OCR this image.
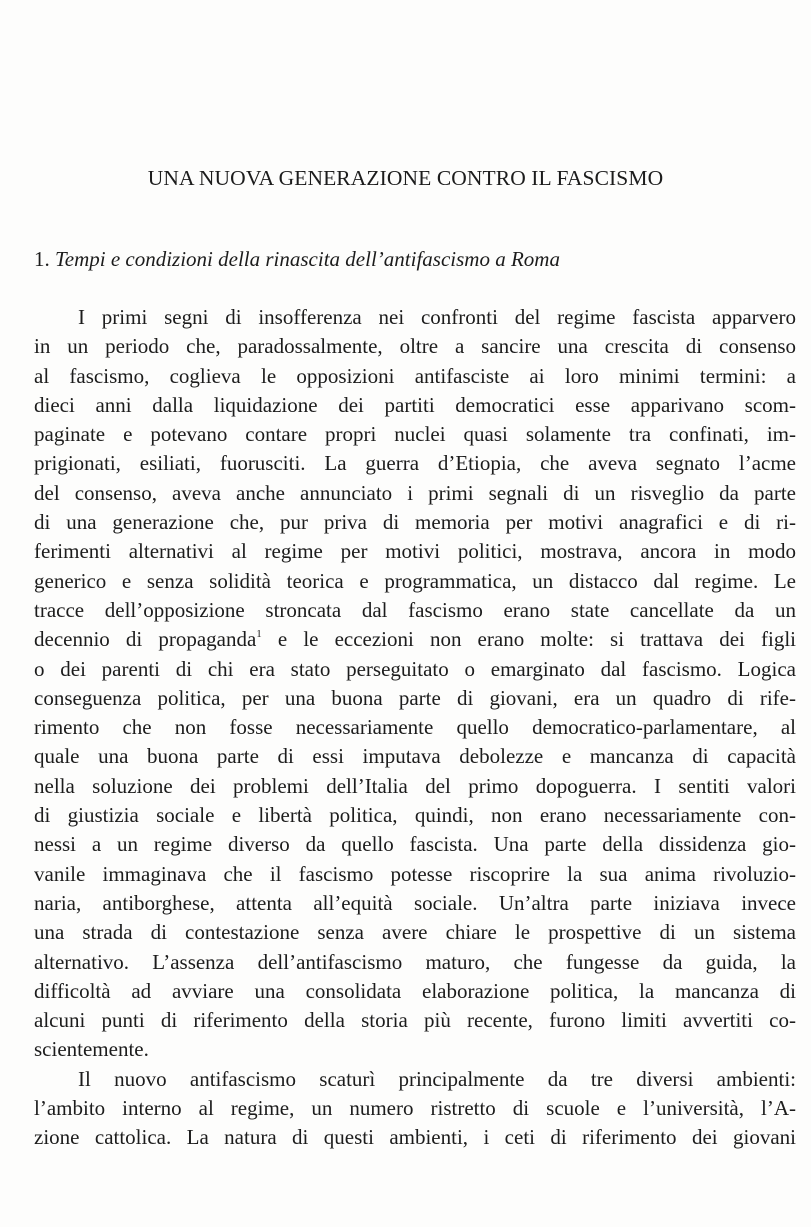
UNA NUOVA GENERAZIONE CONTRO IL FASCISMO
1. Tempi e condizioni della rinascita dell’antifascismo a Roma

I primi segni di insofferenza nei confronti del regime fascista apparvero
in un periodo che, paradossalmente, oltre a sancire una crescita di consenso
al fascismo, coglieva le opposizioni antifasciste ai loro minimi termini: a
dieci anni dalla liquidazione dei partiti democratici esse apparivano scom-
paginate e potevano contare propri nuclei quasi solamente tra confinati, im-
prigionati, esiliati, fuorusciti. La guerra d’Etiopia, che aveva segnato l’acme
del consenso, aveva anche annunciato i primi segnali di un risveglio da parte
di una generazione che, pur priva di memoria per motivi anagrafici e di ri-
ferimenti alternativi al regime per motivi politici, mostrava, ancora in modo
generico e senza solidità teorica e programmatica, un distacco dal regime. Le
tracce dell’opposizione stroncata dal fascismo erano state cancellate da un
decennio di propaganda$^1$ e le eccezioni non erano molte: si trattava dei figli
o dei parenti di chi era stato perseguitato o emarginato dal fascismo. Logica
conseguenza politica, per una buona parte di giovani, era un quadro di rife-
rimento che non fosse necessariamente quello democratico-parlamentare, al
quale una buona parte di essi imputava debolezze e mancanza di capacità
nella soluzione dei problemi dell’Italia del primo dopoguerra. I sentiti valori
di giustizia sociale e libertà politica, quindi, non erano necessariamente con-
nessi a un regime diverso da quello fascista. Una parte della dissidenza gio-
vanile immaginava che il fascismo potesse riscoprire la sua anima rivoluzio-
naria, antiborghese, attenta all’equità sociale. Un’altra parte iniziava invece
una strada di contestazione senza avere chiare le prospettive di un sistema
alternativo. L’assenza dell’antifascismo maturo, che fungesse da guida, la
difficoltà ad avviare una consolidata elaborazione politica, la mancanza di
alcuni punti di riferimento della storia più recente, furono limiti avvertiti co-
scientemente.

Il nuovo antifascismo scaturì principalmente da tre diversi ambienti:
l’ambito interno al regime, un numero ristretto di scuole e l’università, l’A-
zione cattolica. La natura di questi ambienti, i ceti di riferimento dei giovani
